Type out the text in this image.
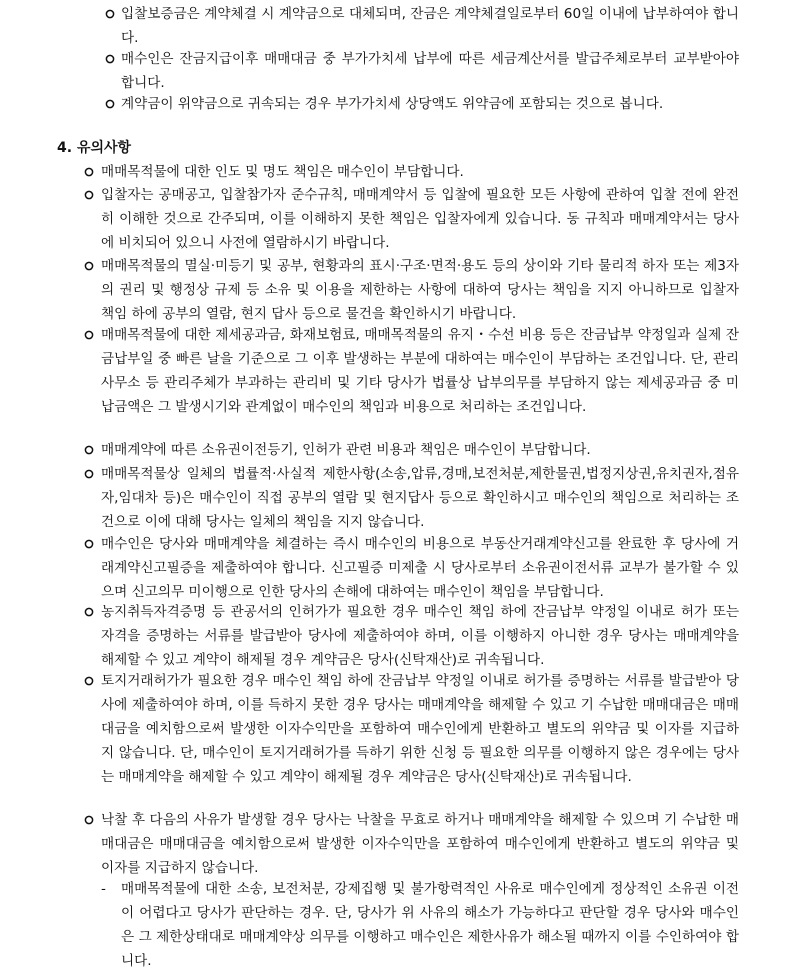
입찰보증금은 계약체결 시 계약금으로 대체되며, 잔금은 계약체결일로부터 60일 이내에 납부하여야 합니다.
매수인은 잔금지급이후 매매대금 중 부가가치세 납부에 따른 세금계산서를 발급주체로부터 교부받아야 합니다.
계약금이 위약금으로 귀속되는 경우 부가가치세 상당액도 위약금에 포함되는 것으로 봅니다.
4. 유의사항
매매목적물에 대한 인도 및 명도 책임은 매수인이 부담합니다.
입찰자는 공매공고, 입찰참가자 준수규칙, 매매계약서 등 입찰에 필요한 모든 사항에 관하여 입찰 전에 완전히 이해한 것으로 간주되며, 이를 이해하지 못한 책임은 입찰자에게 있습니다. 동 규칙과 매매계약서는 당사에 비치되어 있으니 사전에 열람하시기 바랍니다.
매매목적물의 멸실·미등기 및 공부, 현황과의 표시·구조·면적·용도 등의 상이와 기타 물리적 하자 또는 제3자의 권리 및 행정상 규제 등 소유 및 이용을 제한하는 사항에 대하여 당사는 책임을 지지 아니하므로 입찰자 책임 하에 공부의 열람, 현지 답사 등으로 물건을 확인하시기 바랍니다.
매매목적물에 대한 제세공과금, 화재보험료, 매매목적물의 유지・수선 비용 등은 잔금납부 약정일과 실제 잔금납부일 중 빠른 날을 기준으로 그 이후 발생하는 부분에 대하여는 매수인이 부담하는 조건입니다. 단, 관리사무소 등 관리주체가 부과하는 관리비 및 기타 당사가 법률상 납부의무를 부담하지 않는 제세공과금 중 미납금액은 그 발생시기와 관계없이 매수인의 책임과 비용으로 처리하는 조건입니다.
매매계약에 따른 소유권이전등기, 인허가 관련 비용과 책임은 매수인이 부담합니다.
매매목적물상 일체의 법률적·사실적 제한사항(소송,압류,경매,보전처분,제한물권,법정지상권,유치권자,점유자,임대차 등)은 매수인이 직접 공부의 열람 및 현지답사 등으로 확인하시고 매수인의 책임으로 처리하는 조건으로 이에 대해 당사는 일체의 책임을 지지 않습니다.
매수인은 당사와 매매계약을 체결하는 즉시 매수인의 비용으로 부동산거래계약신고를 완료한 후 당사에 거래계약신고필증을 제출하여야 합니다. 신고필증 미제출 시 당사로부터 소유권이전서류 교부가 불가할 수 있으며 신고의무 미이행으로 인한 당사의 손해에 대하여는 매수인이 책임을 부담합니다.
농지취득자격증명 등 관공서의 인허가가 필요한 경우 매수인 책임 하에 잔금납부 약정일 이내로 허가 또는 자격을 증명하는 서류를 발급받아 당사에 제출하여야 하며, 이를 이행하지 아니한 경우 당사는 매매계약을 해제할 수 있고 계약이 해제될 경우 계약금은 당사(신탁재산)로 귀속됩니다.
토지거래허가가 필요한 경우 매수인 책임 하에 잔금납부 약정일 이내로 허가를 증명하는 서류를 발급받아 당사에 제출하여야 하며, 이를 득하지 못한 경우 당사는 매매계약을 해제할 수 있고 기 수납한 매매대금은 매매대금을 예치함으로써 발생한 이자수익만을 포함하여 매수인에게 반환하고 별도의 위약금 및 이자를 지급하지 않습니다. 단, 매수인이 토지거래허가를 득하기 위한 신청 등 필요한 의무를 이행하지 않은 경우에는 당사는 매매계약을 해제할 수 있고 계약이 해제될 경우 계약금은 당사(신탁재산)로 귀속됩니다.
낙찰 후 다음의 사유가 발생할 경우 당사는 낙찰을 무효로 하거나 매매계약을 해제할 수 있으며 기 수납한 매매대금은 매매대금을 예치함으로써 발생한 이자수익만을 포함하여 매수인에게 반환하고 별도의 위약금 및 이자를 지급하지 않습니다.
-	매매목적물에 대한 소송, 보전처분, 강제집행 및 불가항력적인 사유로 매수인에게 정상적인 소유권 이전이 어렵다고 당사가 판단하는 경우. 단, 당사가 위 사유의 해소가 가능하다고 판단할 경우 당사와 매수인은 그 제한상태대로 매매계약상 의무를 이행하고 매수인은 제한사유가 해소될 때까지 이를 수인하여야 합니다.
